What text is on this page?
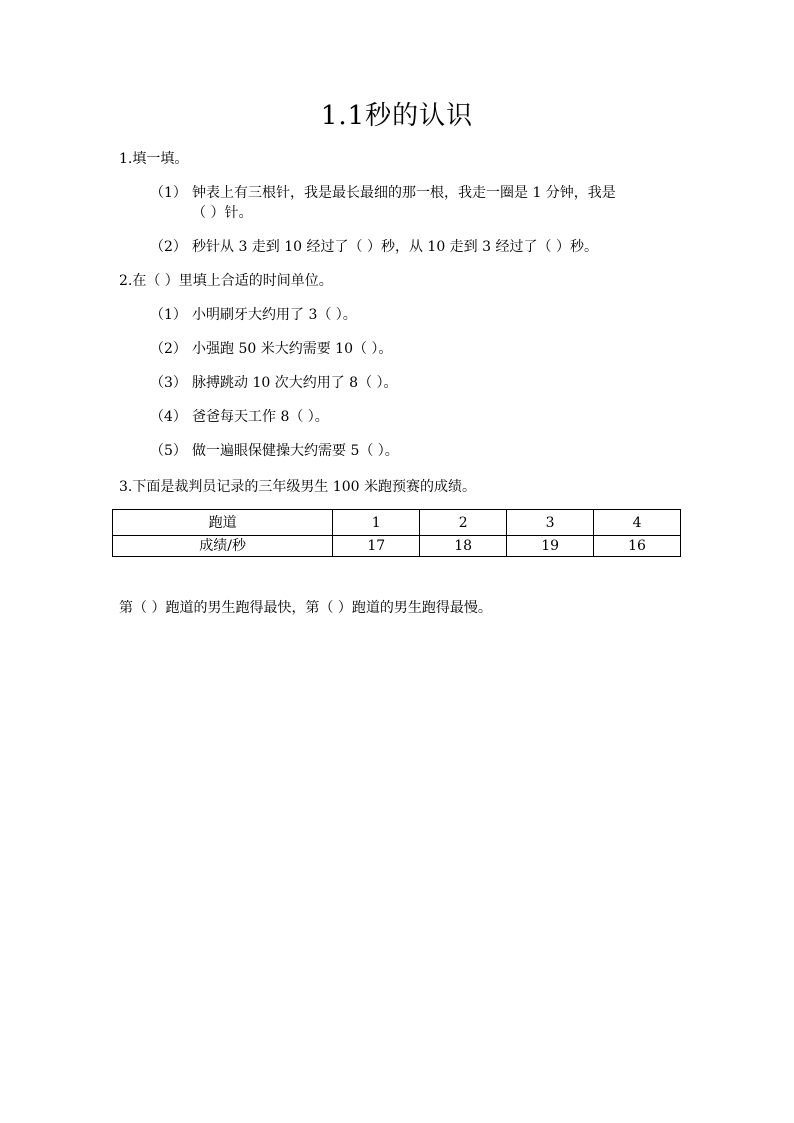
1.1秒的认识
1.填一填。
（1） 钟表上有三根针，我是最长最细的那一根，我走一圈是 1 分钟，我是
（ ）针。
（2） 秒针从 3 走到 10 经过了（ ）秒，从 10 走到 3 经过了（ ）秒。
2.在（ ）里填上合适的时间单位。
（1） 小明刷牙大约用了 3（ ）。
（2） 小强跑 50 米大约需要 10（ ）。
（3） 脉搏跳动 10 次大约用了 8（ ）。
（4） 爸爸每天工作 8（ ）。
（5） 做一遍眼保健操大约需要 5（ ）。
3.下面是裁判员记录的三年级男生 100 米跑预赛的成绩。
跑道	1	2	3	4
成绩/秒	17	18	19	16
第（ ）跑道的男生跑得最快，第（ ）跑道的男生跑得最慢。
